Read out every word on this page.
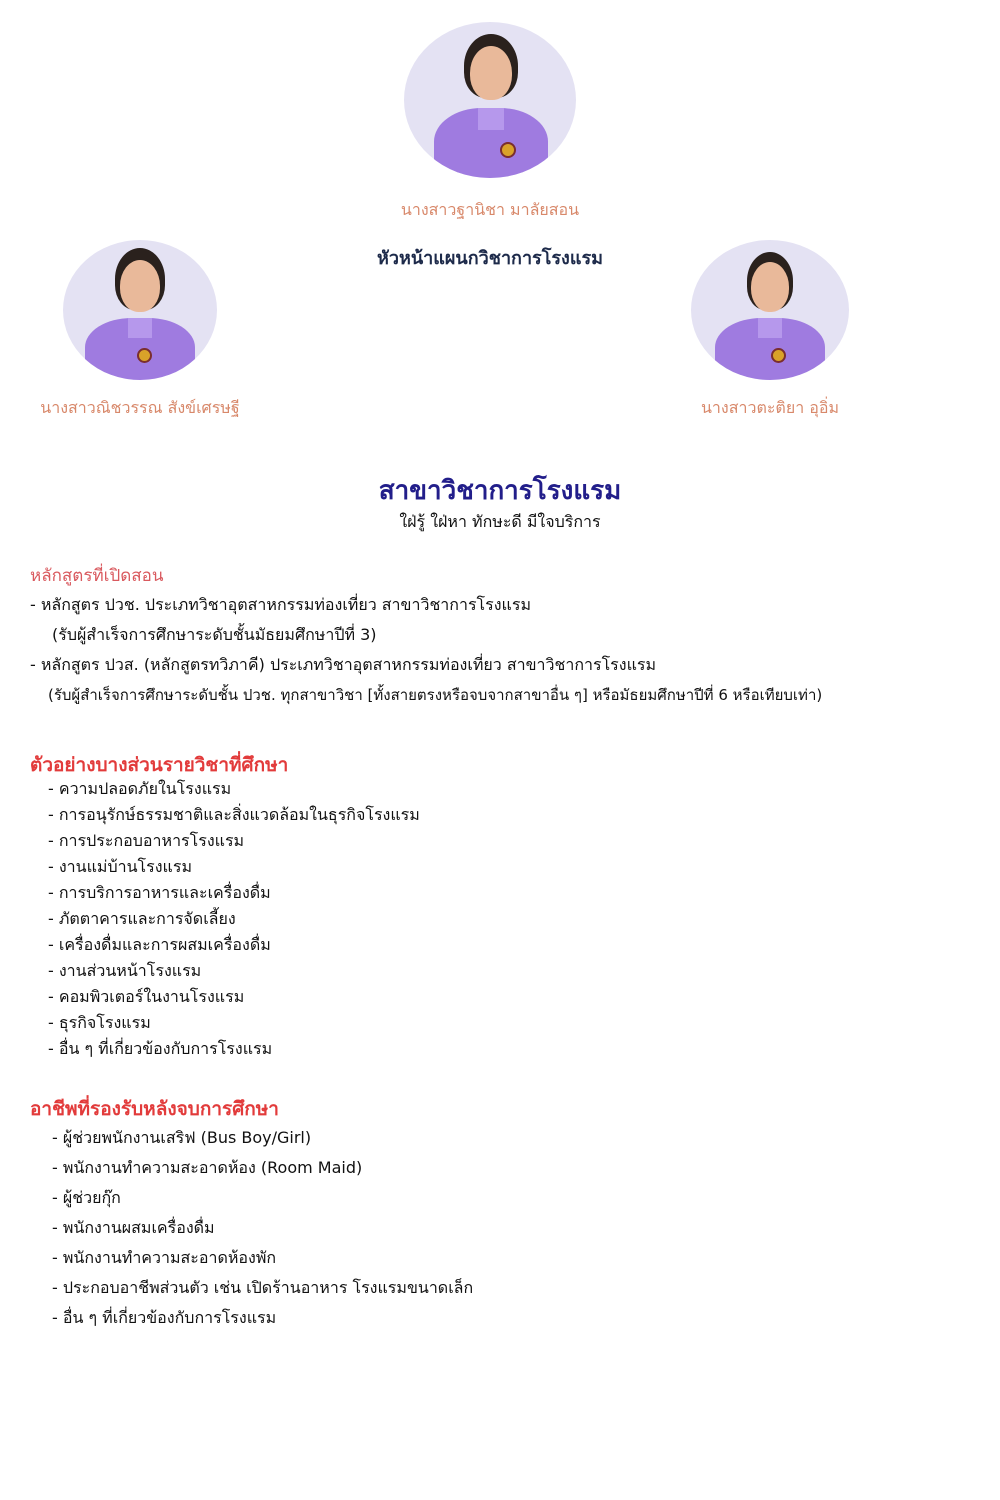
นางสาวฐานิชา มาลัยสอน
หัวหน้าแผนกวิชาการโรงแรม
นางสาวณิชวรรณ สังข์เศรษฐี	นางสาวตะติยา อุอิ่ม
สาขาวิชาการโรงแรม

ใฝ่รู้ ใฝ่หา ทักษะดี มีใจบริการ

หลักสูตรที่เปิดสอน

- หลักสูตร ปวช. ประเภทวิชาอุตสาหกรรมท่องเที่ยว สาขาวิชาการโรงแรม

(รับผู้สำเร็จการศึกษาระดับชั้นมัธยมศึกษาปีที่ 3)

- หลักสูตร ปวส. (หลักสูตรทวิภาคี) ประเภทวิชาอุตสาหกรรมท่องเที่ยว สาขาวิชาการโรงแรม

(รับผู้สำเร็จการศึกษาระดับชั้น ปวช. ทุกสาขาวิชา [ทั้งสายตรงหรือจบจากสาขาอื่น ๆ] หรือมัธยมศึกษาปีที่ 6 หรือเทียบเท่า)

ตัวอย่างบางส่วนรายวิชาที่ศึกษา

- ความปลอดภัยในโรงแรม

- การอนุรักษ์ธรรมชาติและสิ่งแวดล้อมในธุรกิจโรงแรม

- การประกอบอาหารโรงแรม

- งานแม่บ้านโรงแรม

- การบริการอาหารและเครื่องดื่ม

- ภัตตาคารและการจัดเลี้ยง

- เครื่องดื่มและการผสมเครื่องดื่ม

- งานส่วนหน้าโรงแรม

- คอมพิวเตอร์ในงานโรงแรม

- ธุรกิจโรงแรม

- อื่น ๆ ที่เกี่ยวข้องกับการโรงแรม

อาชีพที่รองรับหลังจบการศึกษา

- ผู้ช่วยพนักงานเสริฟ (Bus Boy/Girl)

- พนักงานทำความสะอาดห้อง (Room Maid)

- ผู้ช่วยกุ๊ก

- พนักงานผสมเครื่องดื่ม

- พนักงานทำความสะอาดห้องพัก

- ประกอบอาชีพส่วนตัว เช่น เปิดร้านอาหาร โรงแรมขนาดเล็ก

- อื่น ๆ ที่เกี่ยวข้องกับการโรงแรม
